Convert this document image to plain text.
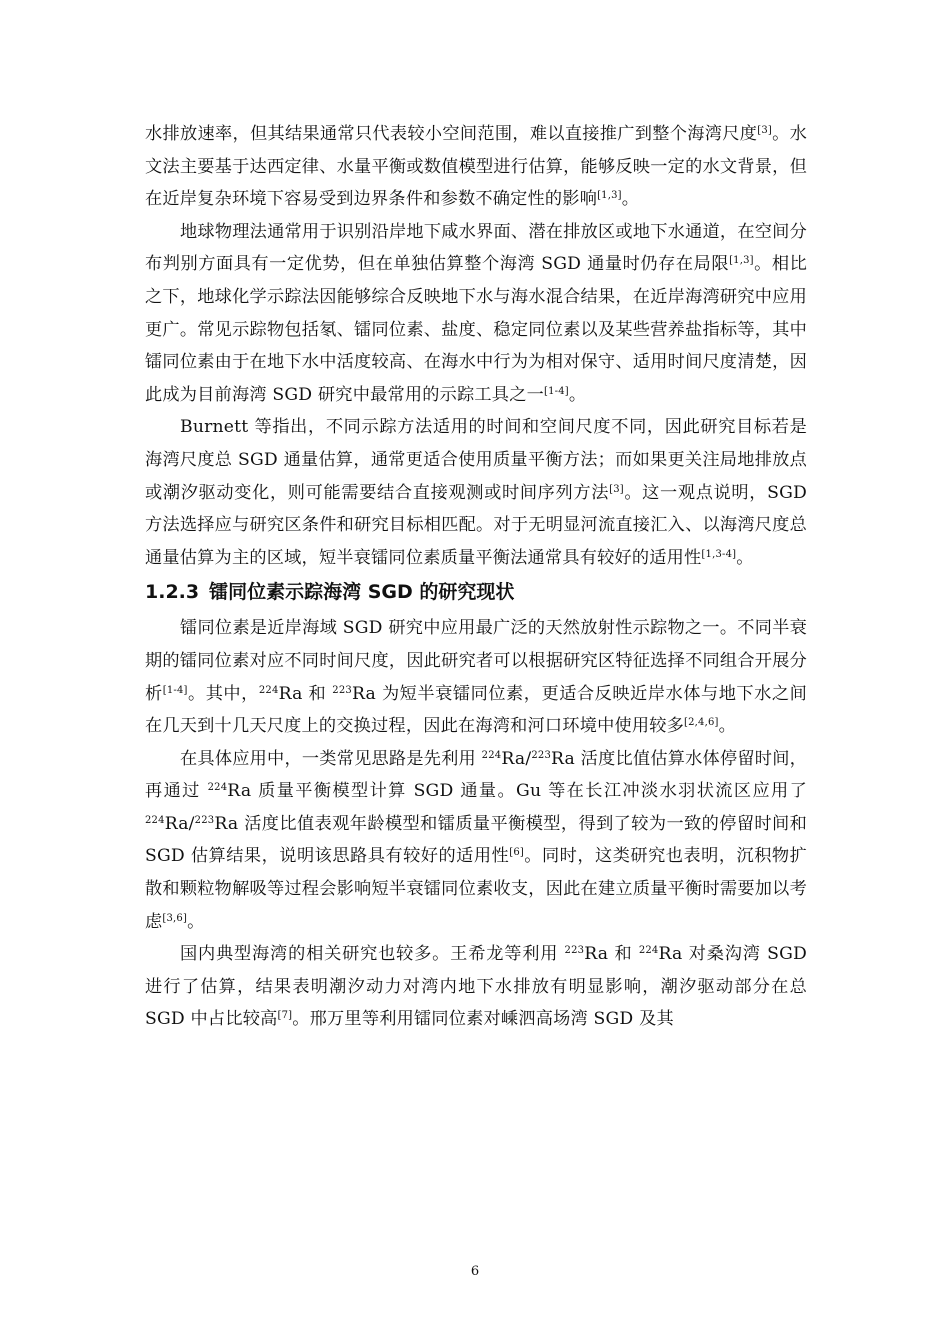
水排放速率，但其结果通常只代表较小空间范围，难以直接推广到整个海湾尺度[3]。水文法主要基于达西定律、水量平衡或数值模型进行估算，能够反映一定的水文背景，但在近岸复杂环境下容易受到边界条件和参数不确定性的影响[1,3]。

地球物理法通常用于识别沿岸地下咸水界面、潜在排放区或地下水通道，在空间分布判别方面具有一定优势，但在单独估算整个海湾 SGD 通量时仍存在局限[1,3]。相比之下，地球化学示踪法因能够综合反映地下水与海水混合结果，在近岸海湾研究中应用更广。常见示踪物包括氡、镭同位素、盐度、稳定同位素以及某些营养盐指标等，其中镭同位素由于在地下水中活度较高、在海水中行为为相对保守、适用时间尺度清楚，因此成为目前海湾 SGD 研究中最常用的示踪工具之一[1-4]。

Burnett 等指出，不同示踪方法适用的时间和空间尺度不同，因此研究目标若是海湾尺度总 SGD 通量估算，通常更适合使用质量平衡方法；而如果更关注局地排放点或潮汐驱动变化，则可能需要结合直接观测或时间序列方法[3]。这一观点说明，SGD 方法选择应与研究区条件和研究目标相匹配。对于无明显河流直接汇入、以海湾尺度总通量估算为主的区域，短半衰镭同位素质量平衡法通常具有较好的适用性[1,3-4]。

1.2.3 镭同位素示踪海湾 SGD 的研究现状

镭同位素是近岸海域 SGD 研究中应用最广泛的天然放射性示踪物之一。不同半衰期的镭同位素对应不同时间尺度，因此研究者可以根据研究区特征选择不同组合开展分析[1-4]。其中，$^{224}$Ra 和 $^{223}$Ra 为短半衰镭同位素，更适合反映近岸水体与地下水之间在几天到十几天尺度上的交换过程，因此在海湾和河口环境中使用较多[2,4,6]。

在具体应用中，一类常见思路是先利用 $^{224}$Ra/$^{223}$Ra 活度比值估算水体停留时间，再通过 $^{224}$Ra 质量平衡模型计算 SGD 通量。Gu 等在长江冲淡水羽状流区应用了 $^{224}$Ra/$^{223}$Ra 活度比值表观年龄模型和镭质量平衡模型，得到了较为一致的停留时间和 SGD 估算结果，说明该思路具有较好的适用性[6]。同时，这类研究也表明，沉积物扩散和颗粒物解吸等过程会影响短半衰镭同位素收支，因此在建立质量平衡时需要加以考虑[3,6]。

国内典型海湾的相关研究也较多。王希龙等利用 $^{223}$Ra 和 $^{224}$Ra 对桑沟湾 SGD 进行了估算，结果表明潮汐动力对湾内地下水排放有明显影响，潮汐驱动部分在总 SGD 中占比较高[7]。邢万里等利用镭同位素对嵊泗高场湾 SGD 及其

6
